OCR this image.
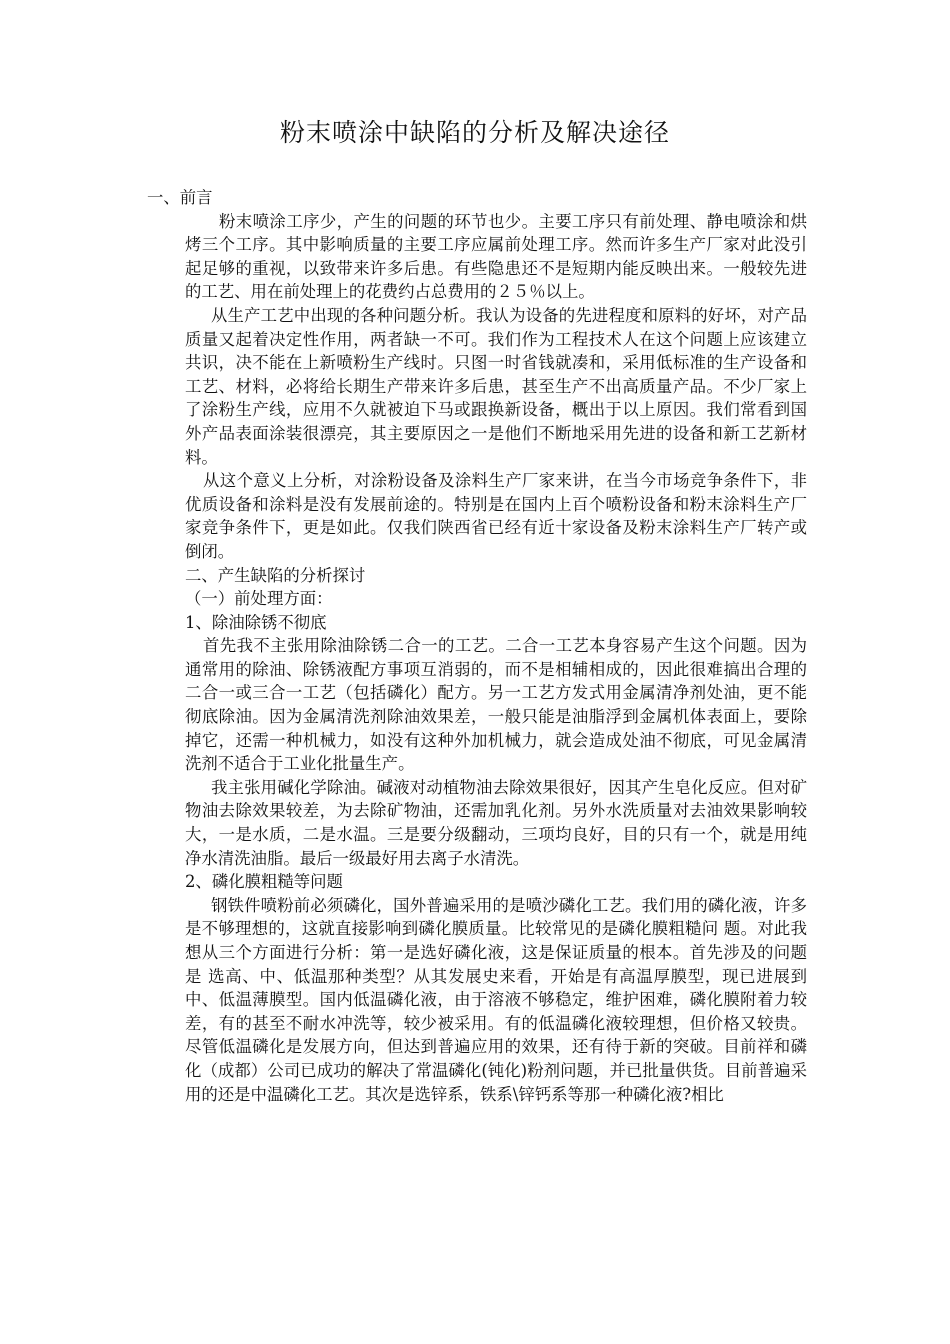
粉末喷涂中缺陷的分析及解决途径

一、前言

粉末喷涂工序少，产生的问题的环节也少。主要工序只有前处理、静电喷涂和烘烤三个工序。其中影响质量的主要工序应属前处理工序。然而许多生产厂家对此没引起足够的重视，以致带来许多后患。有些隐患还不是短期内能反映出来。一般较先进的工艺、用在前处理上的花费约占总费用的２５％以上。

从生产工艺中出现的各种问题分析。我认为设备的先进程度和原料的好坏，对产品质量又起着决定性作用，两者缺一不可。我们作为工程技术人在这个问题上应该建立共识，决不能在上新喷粉生产线时。只图一时省钱就凑和，采用低标准的生产设备和工艺、材料，必将给长期生产带来许多后患，甚至生产不出高质量产品。不少厂家上了涂粉生产线，应用不久就被迫下马或跟换新设备，概出于以上原因。我们常看到国外产品表面涂装很漂亮，其主要原因之一是他们不断地采用先进的设备和新工艺新材料。

从这个意义上分析，对涂粉设备及涂料生产厂家来讲，在当今市场竞争条件下，非优质设备和涂料是没有发展前途的。特别是在国内上百个喷粉设备和粉末涂料生产厂家竞争条件下，更是如此。仅我们陕西省已经有近十家设备及粉末涂料生产厂转产或倒闭。

二、产生缺陷的分析探讨

（一）前处理方面：

1、除油除锈不彻底

首先我不主张用除油除锈二合一的工艺。二合一工艺本身容易产生这个问题。因为通常用的除油、除锈液配方事项互消弱的，而不是相辅相成的，因此很难搞出合理的二合一或三合一工艺（包括磷化）配方。另一工艺方发式用金属清净剂处油，更不能彻底除油。因为金属清洗剂除油效果差，一般只能是油脂浮到金属机体表面上，要除掉它，还需一种机械力，如没有这种外加机械力，就会造成处油不彻底，可见金属清洗剂不适合于工业化批量生产。

我主张用碱化学除油。碱液对动植物油去除效果很好，因其产生皂化反应。但对矿物油去除效果较差，为去除矿物油，还需加乳化剂。另外水洗质量对去油效果影响较大，一是水质，二是水温。三是要分级翻动，三项均良好，目的只有一个，就是用纯净水清洗油脂。最后一级最好用去离子水清洗。

2、磷化膜粗糙等问题

钢铁件喷粉前必须磷化，国外普遍采用的是喷沙磷化工艺。我们用的磷化液，许多是不够理想的，这就直接影响到磷化膜质量。比较常见的是磷化膜粗糙问 题。对此我想从三个方面进行分析：第一是选好磷化液，这是保证质量的根本。首先涉及的问题是 选高、中、低温那种类型？从其发展史来看，开始是有高温厚膜型，现已进展到中、低温薄膜型。国内低温磷化液，由于溶液不够稳定，维护困难，磷化膜附着力较差，有的甚至不耐水冲洗等，较少被采用。有的低温磷化液较理想，但价格又较贵。尽管低温磷化是发展方向，但达到普遍应用的效果，还有待于新的突破。目前祥和磷化（成都）公司已成功的解决了常温磷化(钝化)粉剂问题，并已批量供货。目前普遍采用的还是中温磷化工艺。其次是选锌系，铁系\锌钙系等那一种磷化液?相比
